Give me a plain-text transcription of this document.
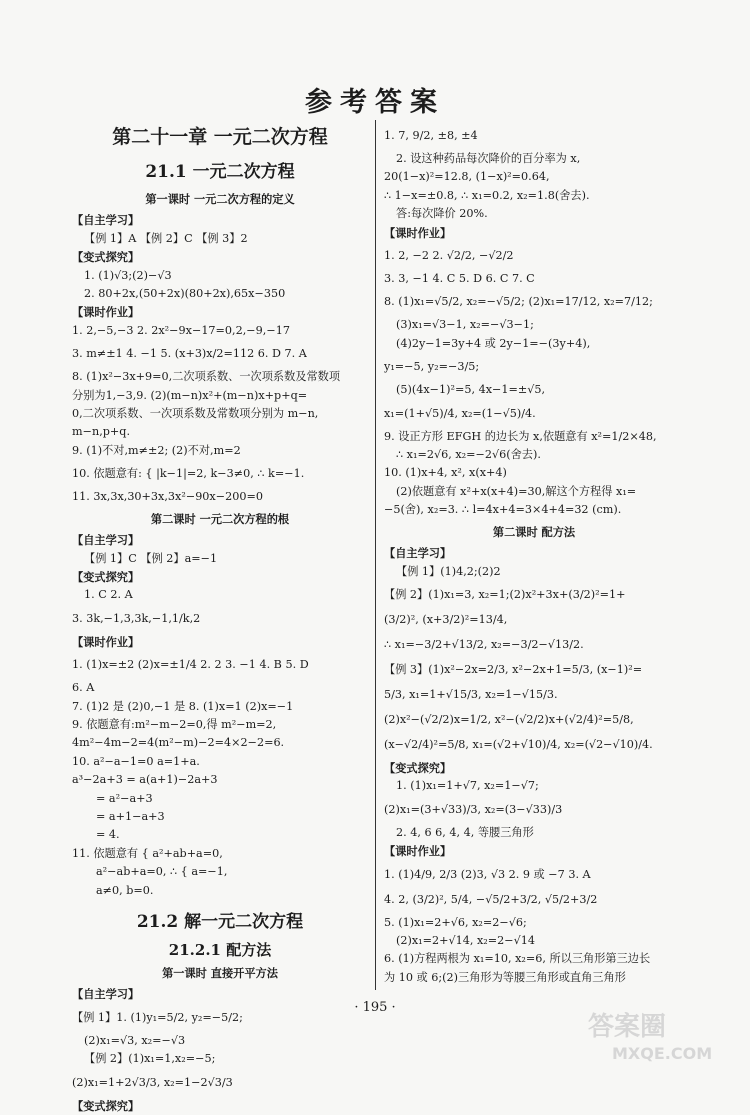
参考答案
第二十一章 一元二次方程
21.1 一元二次方程
第一课时 一元二次方程的定义
【自主学习】
【例 1】A 【例 2】C 【例 3】2
【变式探究】
1. (1)√3;(2)−√3
2. 80+2x,(50+2x)(80+2x),65x−350
【课时作业】
1. 2,−5,−3 2. 2x²−9x−17=0,2,−9,−17
3. m≠±1 4. −1 5. (x+3)x/2=112 6. D 7. A
8. (1)x²−3x+9=0,二次项系数、一次项系数及常数项
分别为1,−3,9. (2)(m−n)x²+(m−n)x+p+q=
0,二次项系数、一次项系数及常数项分别为 m−n,
m−n,p+q.
9. (1)不对,m≠±2; (2)不对,m=2
10. 依题意有: { |k−1|=2, k−3≠0, ∴ k=−1.
11. 3x,3x,30+3x,3x²−90x−200=0
第二课时 一元二次方程的根
【自主学习】
【例 1】C 【例 2】a=−1
【变式探究】
1. C 2. A
3. 3k,−1,3,3k,−1,1/k,2
【课时作业】
1. (1)x=±2 (2)x=±1/4 2. 2 3. −1 4. B 5. D
6. A
7. (1)2 是 (2)0,−1 是 8. (1)x=1 (2)x=−1
9. 依题意有:m²−m−2=0,得 m²−m=2,
4m²−4m−2=4(m²−m)−2=4×2−2=6.
10. a²−a−1=0 a=1+a.
a³−2a+3 = a(a+1)−2a+3
= a²−a+3
= a+1−a+3
= 4.
11. 依题意有 { a²+ab+a=0,
a²−ab+a=0, ∴ { a=−1,
a≠0, b=0.
21.2 解一元二次方程
21.2.1 配方法
第一课时 直接开平方法
【自主学习】
【例 1】1. (1)y₁=5/2, y₂=−5/2;
(2)x₁=√3, x₂=−√3
【例 2】(1)x₁=1,x₂=−5;
(2)x₁=1+2√3/3, x₂=1−2√3/3
【变式探究】
1. 7, 9/2, ±8, ±4
2. 设这种药品每次降价的百分率为 x,
20(1−x)²=12.8, (1−x)²=0.64,
∴ 1−x=±0.8, ∴ x₁=0.2, x₂=1.8(舍去).
答:每次降价 20%.
【课时作业】
1. 2, −2 2. √2/2, −√2/2
3. 3, −1 4. C 5. D 6. C 7. C
8. (1)x₁=√5/2, x₂=−√5/2; (2)x₁=17/12, x₂=7/12;
(3)x₁=√3−1, x₂=−√3−1;
(4)2y−1=3y+4 或 2y−1=−(3y+4),
y₁=−5, y₂=−3/5;
(5)(4x−1)²=5, 4x−1=±√5,
x₁=(1+√5)/4, x₂=(1−√5)/4.
9. 设正方形 EFGH 的边长为 x,依题意有 x²=1/2×48,
∴ x₁=2√6, x₂=−2√6(舍去).
10. (1)x+4, x², x(x+4)
(2)依题意有 x²+x(x+4)=30,解这个方程得 x₁=
−5(舍), x₂=3. ∴ l=4x+4=3×4+4=32 (cm).
第二课时 配方法
【自主学习】
【例 1】(1)4,2;(2)2
【例 2】(1)x₁=3, x₂=1;(2)x²+3x+(3/2)²=1+
(3/2)², (x+3/2)²=13/4,
∴ x₁=−3/2+√13/2, x₂=−3/2−√13/2.
【例 3】(1)x²−2x=2/3, x²−2x+1=5/3, (x−1)²=
5/3, x₁=1+√15/3, x₂=1−√15/3.
(2)x²−(√2/2)x=1/2, x²−(√2/2)x+(√2/4)²=5/8,
(x−√2/4)²=5/8, x₁=(√2+√10)/4, x₂=(√2−√10)/4.
【变式探究】
1. (1)x₁=1+√7, x₂=1−√7;
(2)x₁=(3+√33)/3, x₂=(3−√33)/3
2. 4, 6 6, 4, 4, 等腰三角形
【课时作业】
1. (1)4/9, 2/3 (2)3, √3 2. 9 或 −7 3. A
4. 2, (3/2)², 5/4, −√5/2+3/2, √5/2+3/2
5. (1)x₁=2+√6, x₂=2−√6;
(2)x₁=2+√14, x₂=2−√14
6. (1)方程两根为 x₁=10, x₂=6, 所以三角形第三边长
为 10 或 6;(2)三角形为等腰三角形或直角三角形
· 195 ·
答案圈
MXQE.COM
